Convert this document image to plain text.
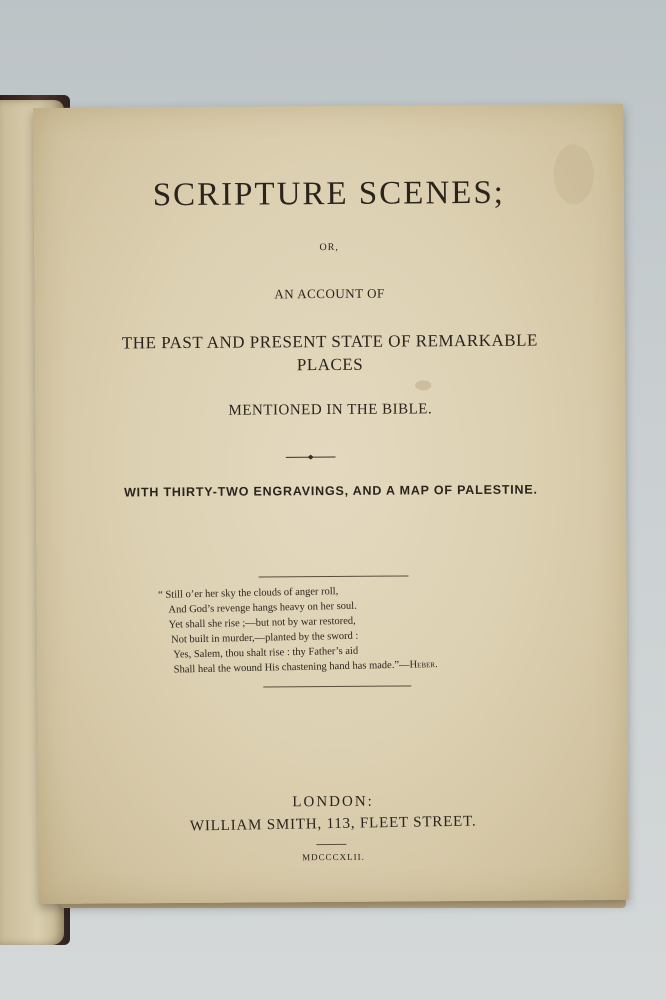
SCRIPTURE SCENES;
OR,
AN ACCOUNT OF
THE PAST AND PRESENT STATE OF REMARKABLE
PLACES
MENTIONED IN THE BIBLE.
WITH THIRTY-TWO ENGRAVINGS, AND A MAP OF PALESTINE.
“ Still o’er her sky the clouds of anger roll,
And God’s revenge hangs heavy on her soul.
Yet shall she rise ;—but not by war restored,
Not built in murder,—planted by the sword :
Yes, Salem, thou shalt rise : thy Father’s aid
Shall heal the wound His chastening hand has made.”—Heber.
LONDON:
WILLIAM SMITH, 113, FLEET STREET.
MDCCCXLII.
